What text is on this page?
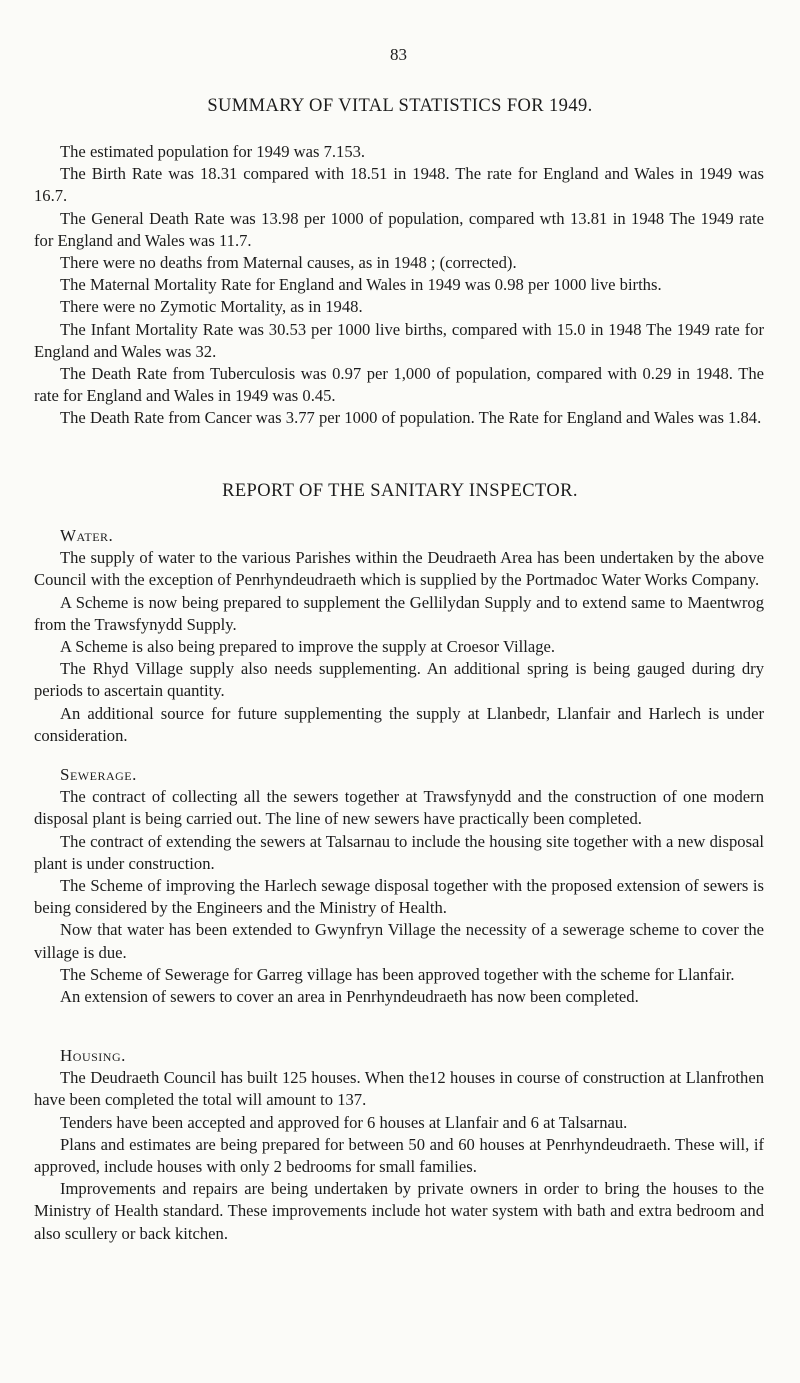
83
SUMMARY OF VITAL STATISTICS FOR 1949.

The estimated population for 1949 was 7.153.

The Birth Rate was 18.31 compared with 18.51 in 1948. The rate for England and Wales in 1949 was 16.7.

The General Death Rate was 13.98 per 1000 of population, compared wth 13.81 in 1948 The 1949 rate for England and Wales was 11.7.

There were no deaths from Maternal causes, as in 1948 ; (corrected).

The Maternal Mortality Rate for England and Wales in 1949 was 0.98 per 1000 live births.

There were no Zymotic Mortality, as in 1948.

The Infant Mortality Rate was 30.53 per 1000 live births, compared with 15.0 in 1948 The 1949 rate for England and Wales was 32.

The Death Rate from Tuberculosis was 0.97 per 1,000 of population, compared with 0.29 in 1948. The rate for England and Wales in 1949 was 0.45.

The Death Rate from Cancer was 3.77 per 1000 of population. The Rate for England and Wales was 1.84.

REPORT OF THE SANITARY INSPECTOR.

Water.

The supply of water to the various Parishes within the Deudraeth Area has been undertaken by the above Council with the exception of Penrhyndeudraeth which is supplied by the Portmadoc Water Works Company.

A Scheme is now being prepared to supplement the Gellilydan Supply and to extend same to Maentwrog from the Trawsfynydd Supply.

A Scheme is also being prepared to improve the supply at Croesor Village.

The Rhyd Village supply also needs supplementing. An additional spring is being gauged during dry periods to ascertain quantity.

An additional source for future supplementing the supply at Llanbedr, Llanfair and Harlech is under consideration.

Sewerage.

The contract of collecting all the sewers together at Trawsfynydd and the construction of one modern disposal plant is being carried out. The line of new sewers have practically been completed.

The contract of extending the sewers at Talsarnau to include the housing site together with a new disposal plant is under construction.

The Scheme of improving the Harlech sewage disposal together with the proposed extension of sewers is being considered by the Engineers and the Ministry of Health.

Now that water has been extended to Gwynfryn Village the necessity of a sewerage scheme to cover the village is due.

The Scheme of Sewerage for Garreg village has been approved together with the scheme for Llanfair.

An extension of sewers to cover an area in Penrhyndeudraeth has now been completed.

Housing.

The Deudraeth Council has built 125 houses. When the12 houses in course of construction at Llanfrothen have been completed the total will amount to 137.

Tenders have been accepted and approved for 6 houses at Llanfair and 6 at Talsarnau.

Plans and estimates are being prepared for between 50 and 60 houses at Penrhyndeudraeth. These will, if approved, include houses with only 2 bedrooms for small families.

Improvements and repairs are being undertaken by private owners in order to bring the houses to the Ministry of Health standard. These improvements include hot water system with bath and extra bedroom and also scullery or back kitchen.
